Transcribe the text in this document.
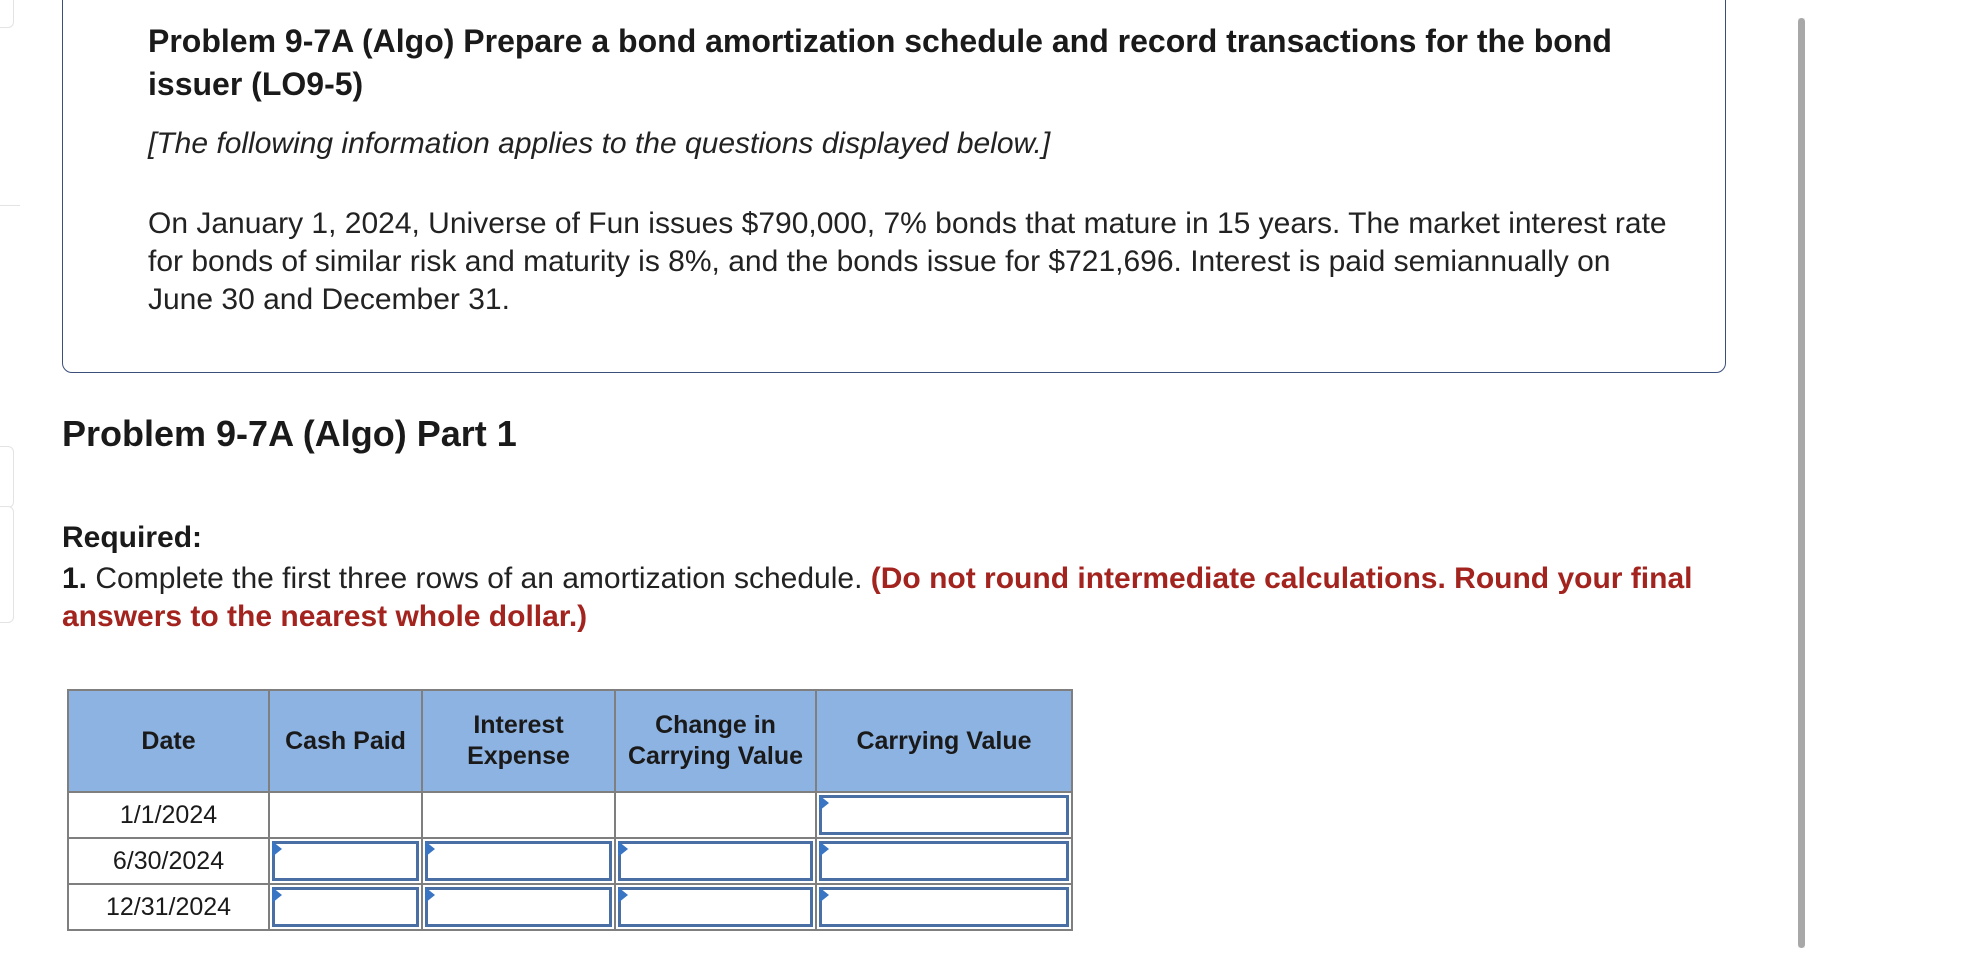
Problem 9-7A (Algo) Prepare a bond amortization schedule and record transactions for the bond issuer (LO9-5)

[The following information applies to the questions displayed below.]

On January 1, 2024, Universe of Fun issues $790,000, 7% bonds that mature in 15 years. The market interest rate for bonds of similar risk and maturity is 8%, and the bonds issue for $721,696. Interest is paid semiannually on June 30 and December 31.

Problem 9-7A (Algo) Part 1

Required:

1. Complete the first three rows of an amortization schedule. (Do not round intermediate calculations. Round your final answers to the nearest whole dollar.)

Date	Cash Paid	Interest Expense	Change in Carrying Value	Carrying Value
1/1/2024				

6/30/2024	

12/31/2024	
